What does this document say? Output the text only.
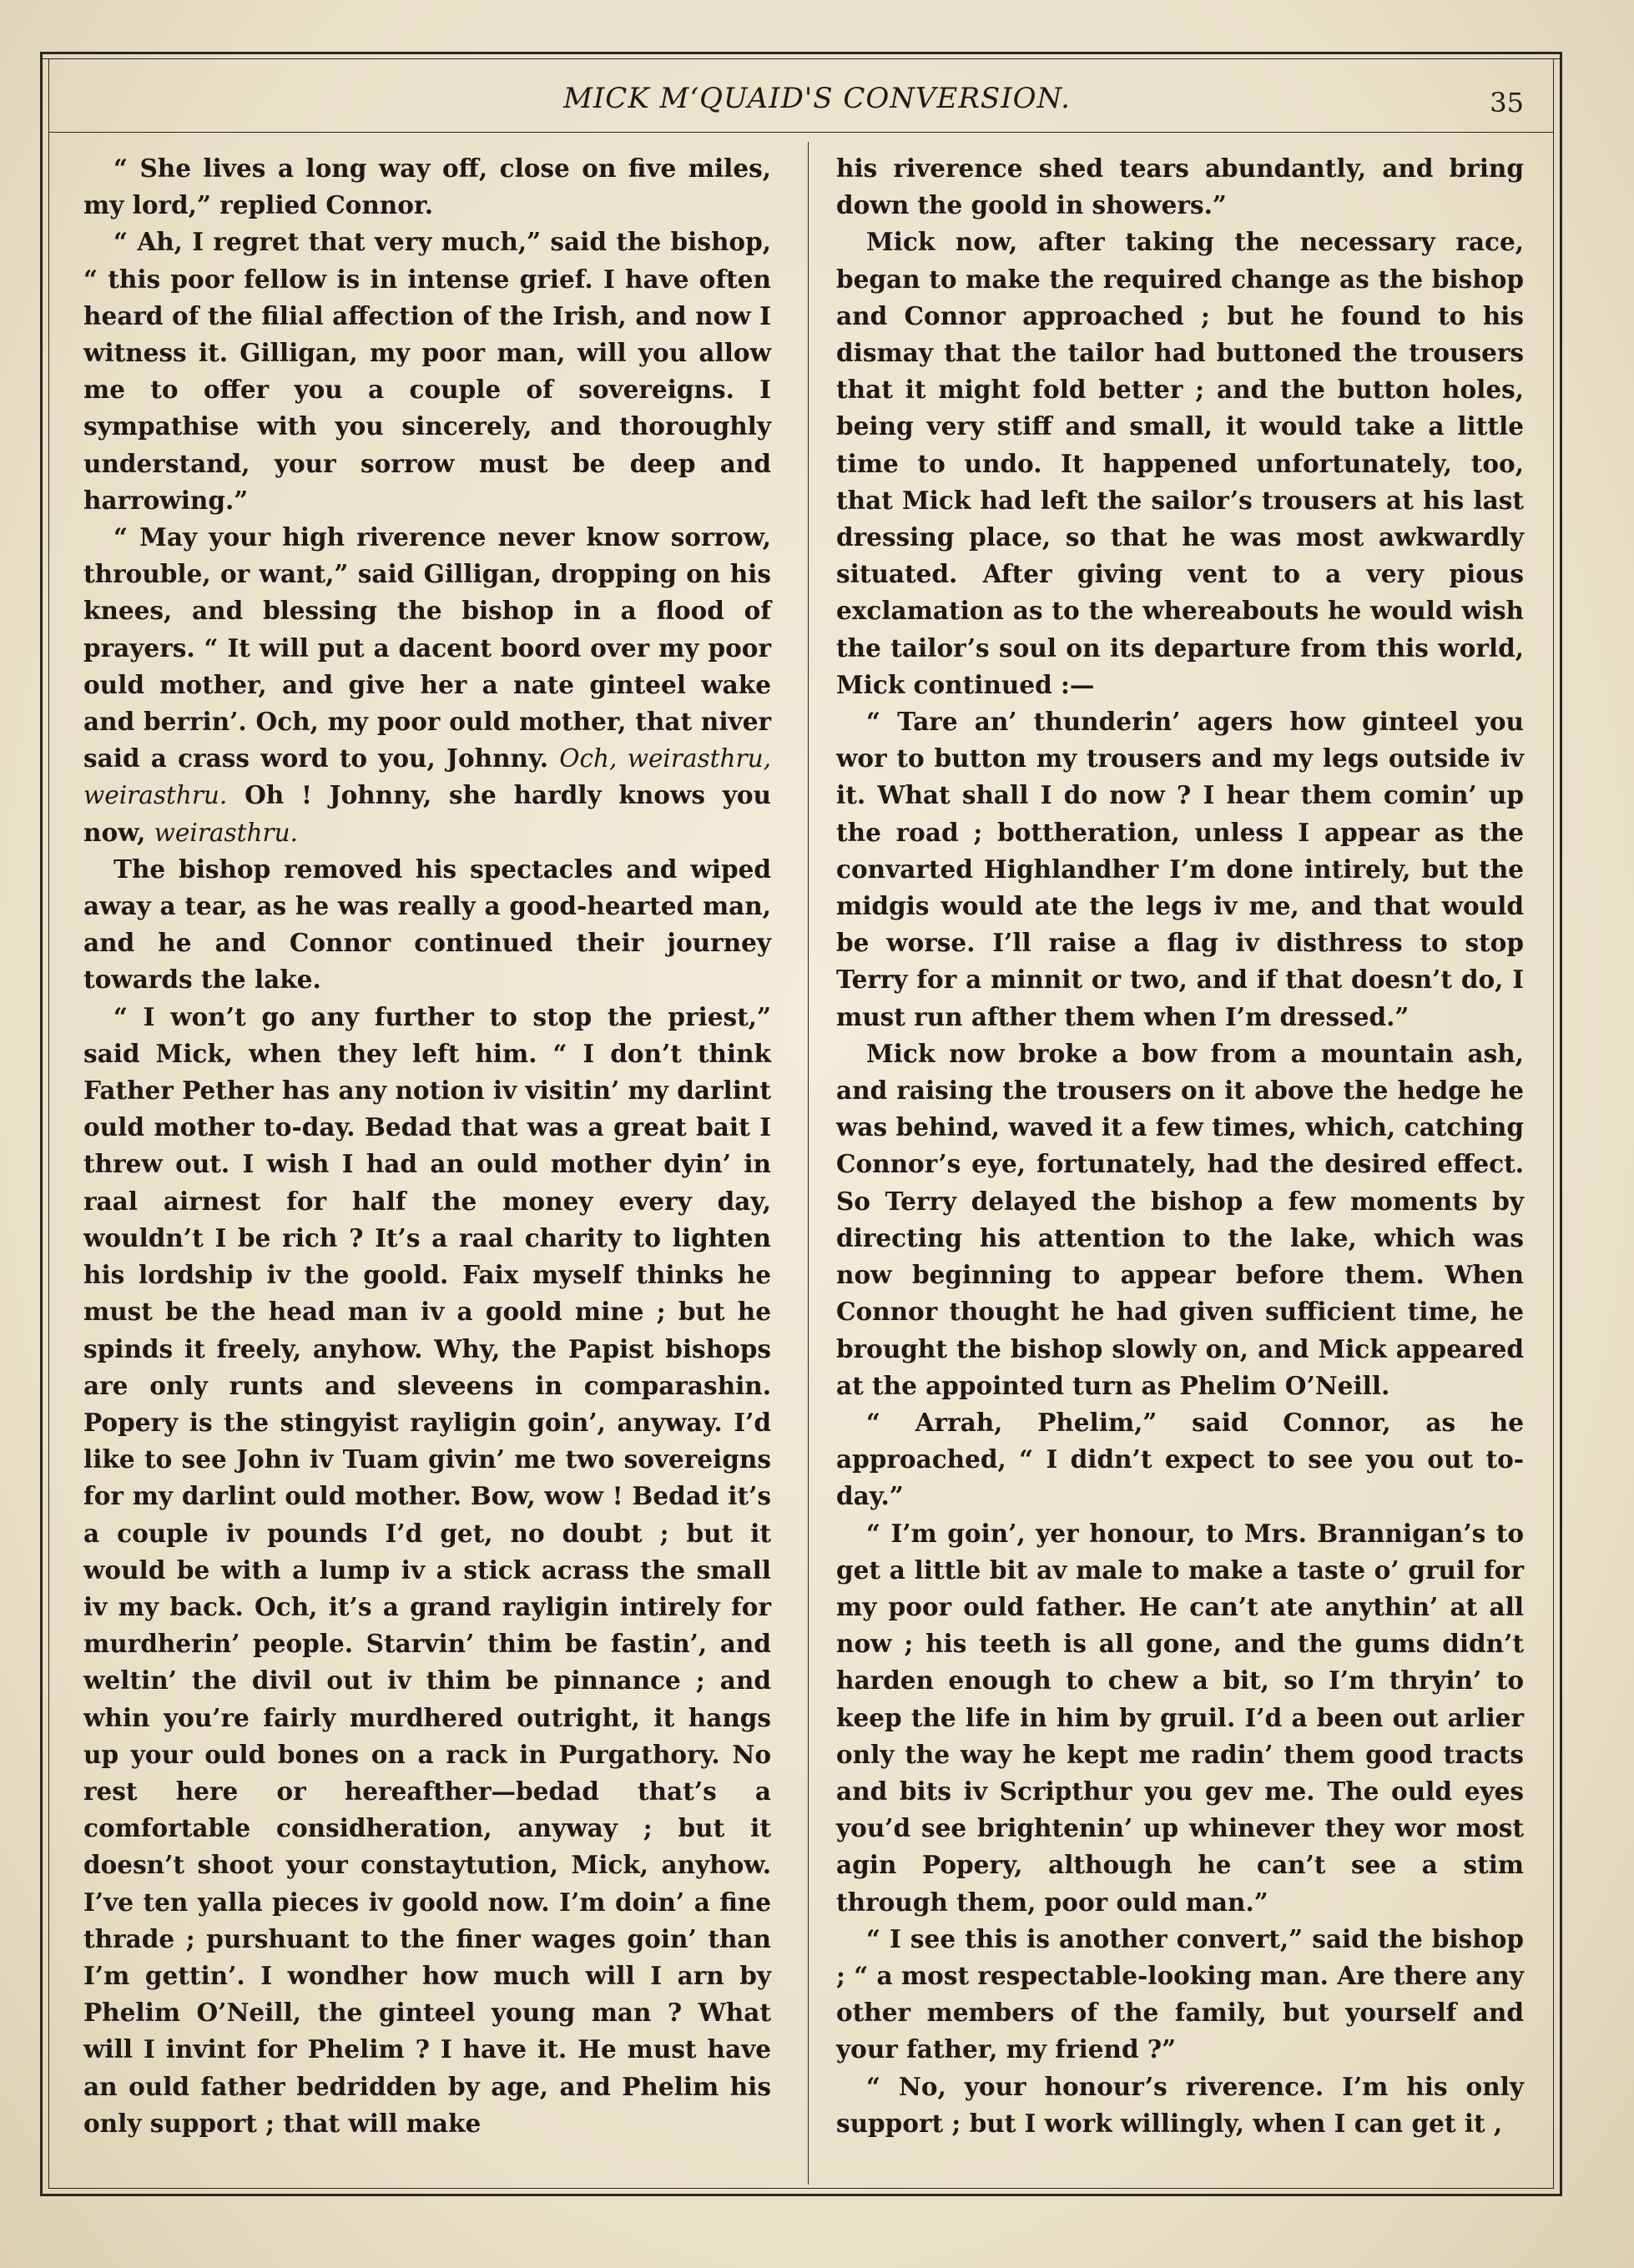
MICK M‘QUAID'S CONVERSION.	35

“ She lives a long way off, close on five miles, my lord,” replied Connor.

“ Ah, I regret that very much,” said the bishop, “ this poor fellow is in intense grief. I have often heard of the filial affection of the Irish, and now I witness it. Gilligan, my poor man, will you allow me to offer you a couple of sovereigns. I sympathise with you sincerely, and thoroughly understand, your sorrow must be deep and harrowing.”

“ May your high riverence never know sorrow, throuble, or want,” said Gilligan, dropping on his knees, and blessing the bishop in a flood of prayers. “ It will put a dacent boord over my poor ould mother, and give her a nate ginteel wake and berrin’. Och, my poor ould mother, that niver said a crass word to you, Johnny. Och, weirasthru, weirasthru. Oh ! Johnny, she hardly knows you now, weirasthru.

The bishop removed his spectacles and wiped away a tear, as he was really a good-hearted man, and he and Connor continued their journey towards the lake.

“ I won’t go any further to stop the priest,” said Mick, when they left him. “ I don’t think Father Pether has any notion iv visitin’ my darlint ould mother to-day. Bedad that was a great bait I threw out. I wish I had an ould mother dyin’ in raal airnest for half the money every day, wouldn’t I be rich ? It’s a raal charity to lighten his lordship iv the goold. Faix myself thinks he must be the head man iv a goold mine ; but he spinds it freely, anyhow. Why, the Papist bishops are only runts and sleveens in comparashin. Popery is the stingyist rayligin goin’, anyway. I’d like to see John iv Tuam givin’ me two sovereigns for my darlint ould mother. Bow, wow ! Bedad it’s a couple iv pounds I’d get, no doubt ; but it would be with a lump iv a stick acrass the small iv my back. Och, it’s a grand rayligin intirely for murdherin’ people. Starvin’ thim be fastin’, and weltin’ the divil out iv thim be pinnance ; and whin you’re fairly murdhered outright, it hangs up your ould bones on a rack in Purgathory. No rest here or hereafther—bedad that’s a comfortable considheration, anyway ; but it doesn’t shoot your constaytution, Mick, anyhow. I’ve ten yalla pieces iv goold now. I’m doin’ a fine thrade ; purshuant to the finer wages goin’ than I’m gettin’. I wondher how much will I arn by Phelim O’Neill, the ginteel young man ? What will I invint for Phelim ? I have it. He must have an ould father bedridden by age, and Phelim his only support ; that will make

his riverence shed tears abundantly, and bring down the goold in showers.”

Mick now, after taking the necessary race, began to make the required change as the bishop and Connor approached ; but he found to his dismay that the tailor had buttoned the trousers that it might fold better ; and the button holes, being very stiff and small, it would take a little time to undo. It happened unfortunately, too, that Mick had left the sailor’s trousers at his last dressing place, so that he was most awkwardly situated. After giving vent to a very pious exclamation as to the whereabouts he would wish the tailor’s soul on its departure from this world, Mick continued :—

“ Tare an’ thunderin’ agers how ginteel you wor to button my trousers and my legs outside iv it. What shall I do now ? I hear them comin’ up the road ; bottheration, unless I appear as the convarted Highlandher I’m done intirely, but the midgis would ate the legs iv me, and that would be worse. I’ll raise a flag iv disthress to stop Terry for a minnit or two, and if that doesn’t do, I must run afther them when I’m dressed.”

Mick now broke a bow from a mountain ash, and raising the trousers on it above the hedge he was behind, waved it a few times, which, catching Connor’s eye, fortunately, had the desired effect. So Terry delayed the bishop a few moments by directing his attention to the lake, which was now beginning to appear before them. When Connor thought he had given sufficient time, he brought the bishop slowly on, and Mick appeared at the appointed turn as Phelim O’Neill.

“ Arrah, Phelim,” said Connor, as he approached, “ I didn’t expect to see you out to-day.”

“ I’m goin’, yer honour, to Mrs. Brannigan’s to get a little bit av male to make a taste o’ gruil for my poor ould father. He can’t ate anythin’ at all now ; his teeth is all gone, and the gums didn’t harden enough to chew a bit, so I’m thryin’ to keep the life in him by gruil. I’d a been out arlier only the way he kept me radin’ them good tracts and bits iv Scripthur you gev me. The ould eyes you’d see brightenin’ up whinever they wor most agin Popery, although he can’t see a stim through them, poor ould man.”

“ I see this is another convert,” said the bishop ; “ a most respectable-looking man. Are there any other members of the family, but yourself and your father, my friend ?”

“ No, your honour’s riverence. I’m his only support ; but I work willingly, when I can get it ,
